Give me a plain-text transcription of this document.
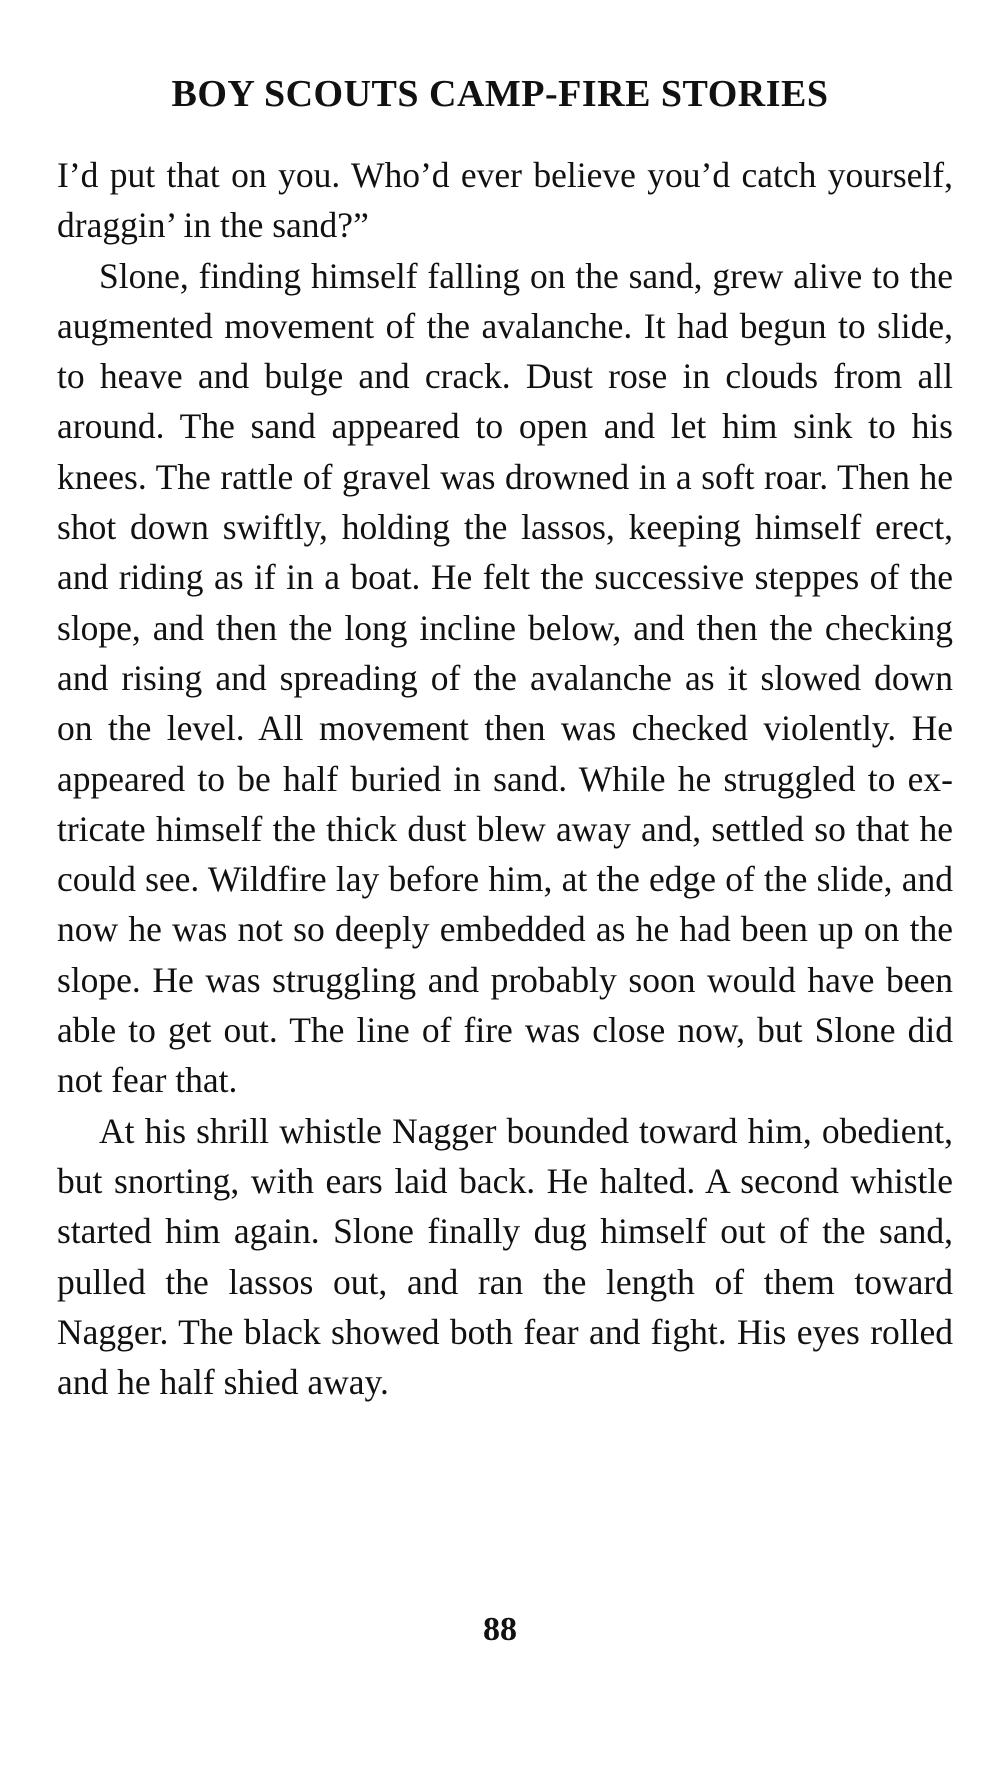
BOY SCOUTS CAMP-FIRE STORIES

I’d put that on you. Who’d ever believe you’d catch yourself, draggin’ in the sand?”

Slone, finding himself falling on the sand, grew alive to the augmented movement of the avalanche. It had begun to slide, to heave and bulge and crack. Dust rose in clouds from all around. The sand appeared to open and let him sink to his knees. The rattle of gravel was drowned in a soft roar. Then he shot down swiftly, holding the lassos, keeping himself erect, and riding as if in a boat. He felt the successive steppes of the slope, and then the long incline below, and then the checking and rising and spreading of the avalanche as it slowed down on the level. All movement then was checked violently. He appeared to be half buried in sand. While he struggled to extricate himself the thick dust blew away and, settled so that he could see. Wildfire lay before him, at the edge of the slide, and now he was not so deeply embedded as he had been up on the slope. He was struggling and probably soon would have been able to get out. The line of fire was close now, but Slone did not fear that.

At his shrill whistle Nagger bounded toward him, obedient, but snorting, with ears laid back. He halted. A second whistle started him again. Slone finally dug himself out of the sand, pulled the lassos out, and ran the length of them toward Nagger. The black showed both fear and fight. His eyes rolled and he half shied away.

88
